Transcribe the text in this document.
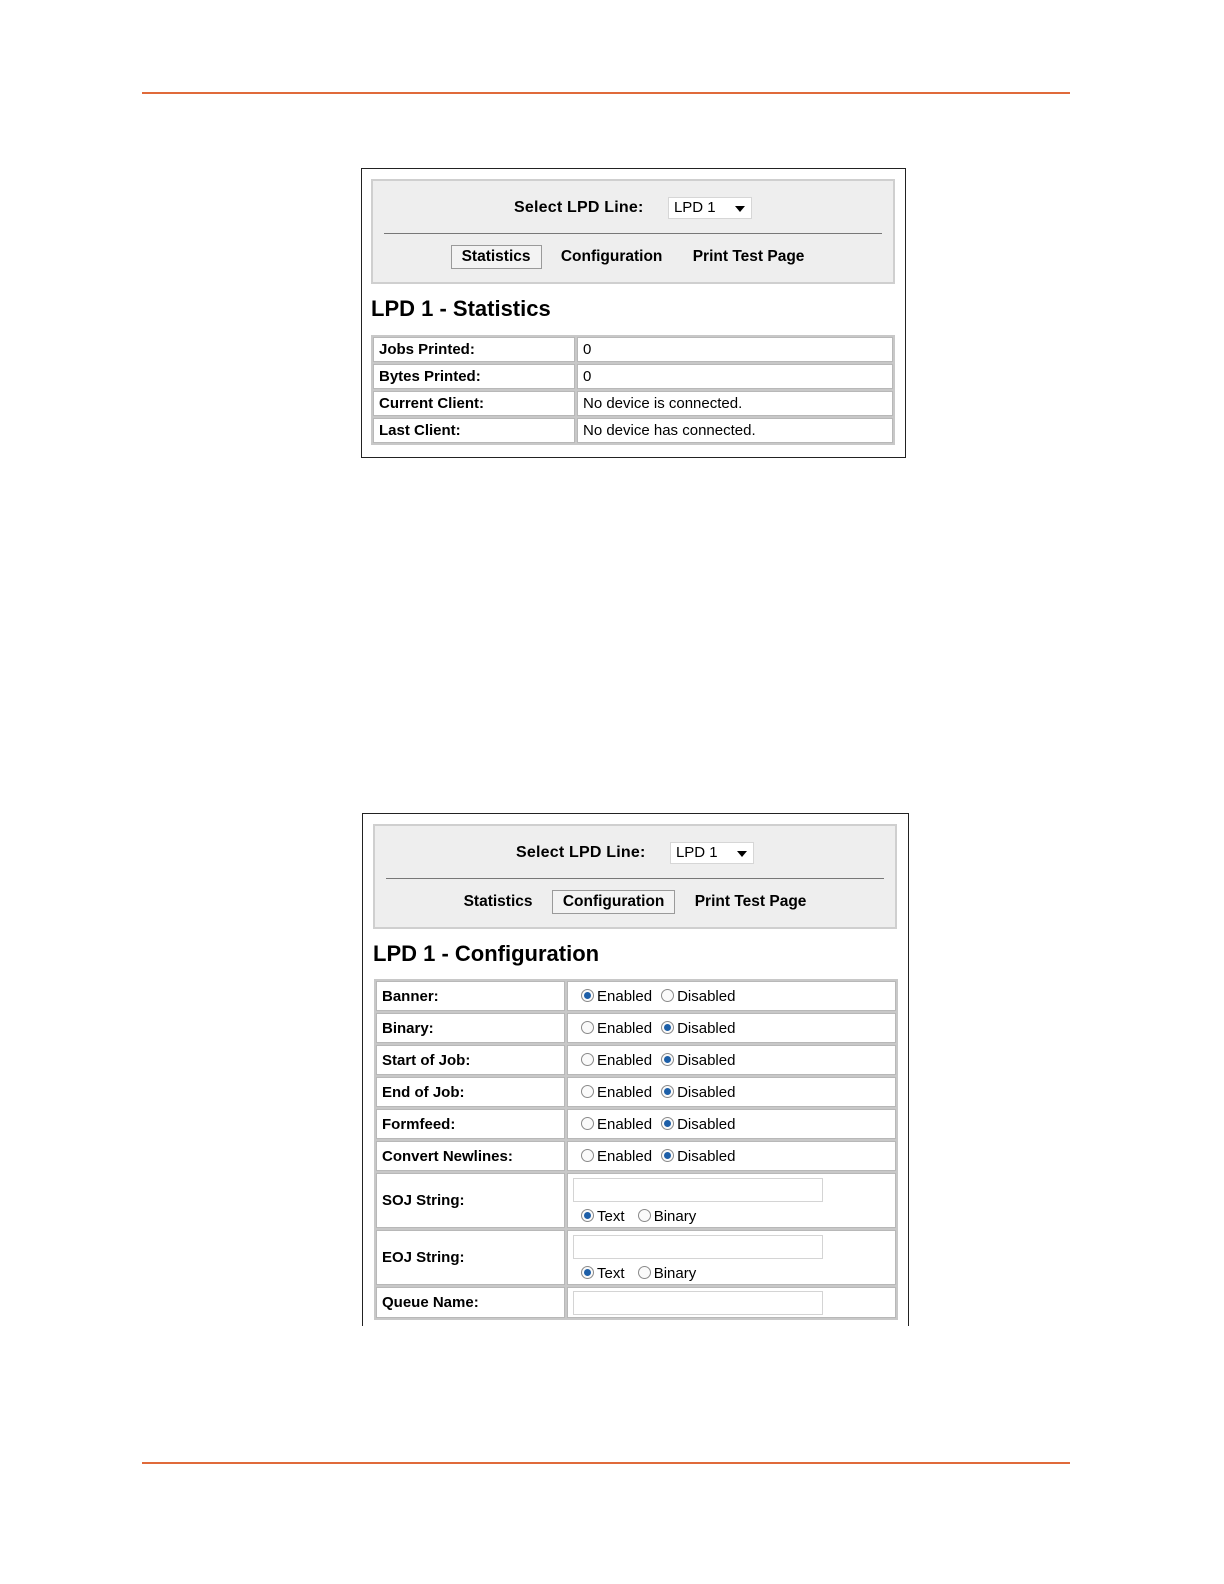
Select LPD Line: LPD 1
Statistics Configuration Print Test Page
LPD 1 - Statistics
Jobs Printed:	0
Bytes Printed:	0
Current Client:	No device is connected.
Last Client:	No device has connected.
Select LPD Line: LPD 1
Statistics Configuration Print Test Page
LPD 1 - Configuration
Banner:	Enabled Disabled
Binary:	Enabled Disabled
Start of Job:	Enabled Disabled
End of Job:	Enabled Disabled
Formfeed:	Enabled Disabled
Convert Newlines:	Enabled Disabled
SOJ String:	Text Binary

EOJ String:	Text Binary

Queue Name:	
